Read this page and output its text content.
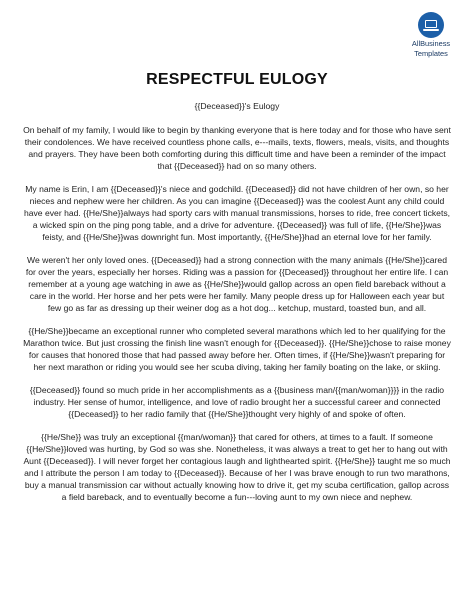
AllBusiness
Templates
RESPECTFUL EULOGY

{{Deceased}}'s Eulogy

On behalf of my family, I would like to begin by thanking everyone that is here today and for those who have sent their condolences. We have received countless phone calls, e---mails, texts, flowers, meals, visits, and thoughts and prayers. They have been both comforting during this difficult time and have been a reminder of the impact that {{Deceased}} had on so many others.

My name is Erin, I am {{Deceased}}'s niece and godchild. {{Deceased}} did not have children of her own, so her nieces and nephew were her children. As you can imagine {{Deceased}} was the coolest Aunt any child could have ever had. {{He/She}}always had sporty cars with manual transmissions, horses to ride, free concert tickets, a wicked spin on the ping pong table, and a drive for adventure. {{Deceased}} was full of life, {{He/She}}was feisty, and {{He/She}}was downright fun. Most importantly, {{He/She}}had an eternal love for her family.

We weren't her only loved ones. {{Deceased}} had a strong connection with the many animals {{He/She}}cared for over the years, especially her horses. Riding was a passion for {{Deceased}} throughout her entire life. I can remember at a young age watching in awe as {{He/She}}would gallop across an open field bareback without a care in the world. Her horse and her pets were her family. Many people dress up for Halloween each year but few go as far as dressing up their weiner dog as a hot dog... ketchup, mustard, toasted bun, and all.

{{He/She}}became an exceptional runner who completed several marathons which led to her qualifying for the Marathon twice. But just crossing the finish line wasn't enough for {{Deceased}}. {{He/She}}chose to raise money for causes that honored those that had passed away before her. Often times, if {{He/She}}wasn't preparing for her next marathon or riding you would see her scuba diving, taking her family boating on the lake, or skiing.

{{Deceased}} found so much pride in her accomplishments as a {{business man/{{man/woman}}}} in the radio industry. Her sense of humor, intelligence, and love of radio brought her a successful career and connected {{Deceased}} to her radio family that {{He/She}}thought very highly of and spoke of often.

{{He/She}} was truly an exceptional {{man/woman}} that cared for others, at times to a fault. If someone {{He/She}}loved was hurting, by God so was she. Nonetheless, it was always a treat to get her to hang out with Aunt {{Deceased}}. I will never forget her contagious laugh and lighthearted spirit. {{He/She}} taught me so much and I attribute the person I am today to {{Deceased}}. Because of her I was brave enough to run two marathons, buy a manual transmission car without actually knowing how to drive it, get my scuba certification, gallop across a field bareback, and to eventually become a fun---loving aunt to my own niece and nephew.
